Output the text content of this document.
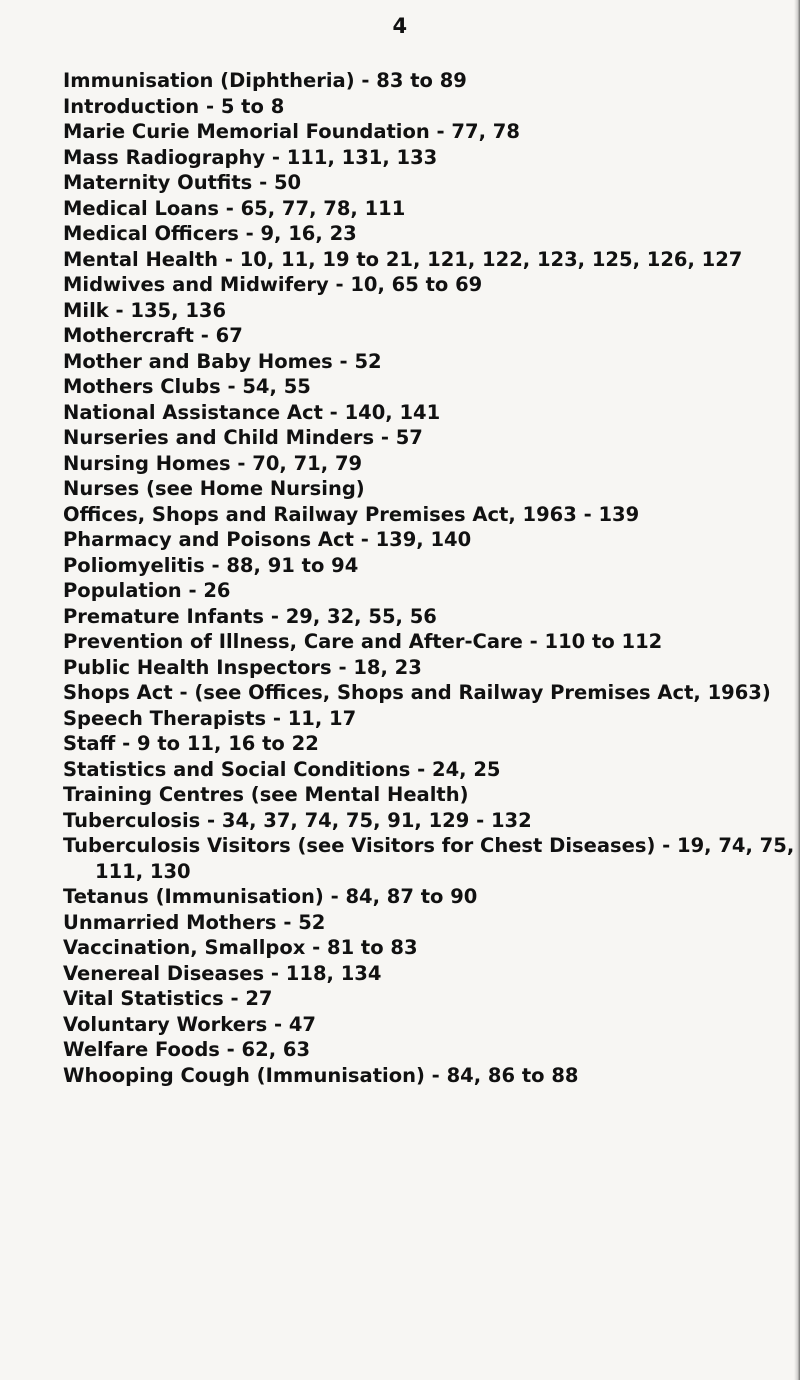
4
Immunisation (Diphtheria) - 83 to 89
Introduction - 5 to 8
Marie Curie Memorial Foundation - 77, 78
Mass Radiography - 111, 131, 133
Maternity Outfits - 50
Medical Loans - 65, 77, 78, 111
Medical Officers - 9, 16, 23
Mental Health - 10, 11, 19 to 21, 121, 122, 123, 125, 126, 127
Midwives and Midwifery - 10, 65 to 69
Milk - 135, 136
Mothercraft - 67
Mother and Baby Homes - 52
Mothers Clubs - 54, 55
National Assistance Act - 140, 141
Nurseries and Child Minders - 57
Nursing Homes - 70, 71, 79
Nurses (see Home Nursing)
Offices, Shops and Railway Premises Act, 1963 - 139
Pharmacy and Poisons Act - 139, 140
Poliomyelitis - 88, 91 to 94
Population - 26
Premature Infants - 29, 32, 55, 56
Prevention of Illness, Care and After-Care - 110 to 112
Public Health Inspectors - 18, 23
Shops Act - (see Offices, Shops and Railway Premises Act, 1963)
Speech Therapists - 11, 17
Staff - 9 to 11, 16 to 22
Statistics and Social Conditions - 24, 25
Training Centres (see Mental Health)
Tuberculosis - 34, 37, 74, 75, 91, 129 - 132
Tuberculosis Visitors (see Visitors for Chest Diseases) - 19, 74, 75,
111, 130
Tetanus (Immunisation) - 84, 87 to 90
Unmarried Mothers - 52
Vaccination, Smallpox - 81 to 83
Venereal Diseases - 118, 134
Vital Statistics - 27
Voluntary Workers - 47
Welfare Foods - 62, 63
Whooping Cough (Immunisation) - 84, 86 to 88
